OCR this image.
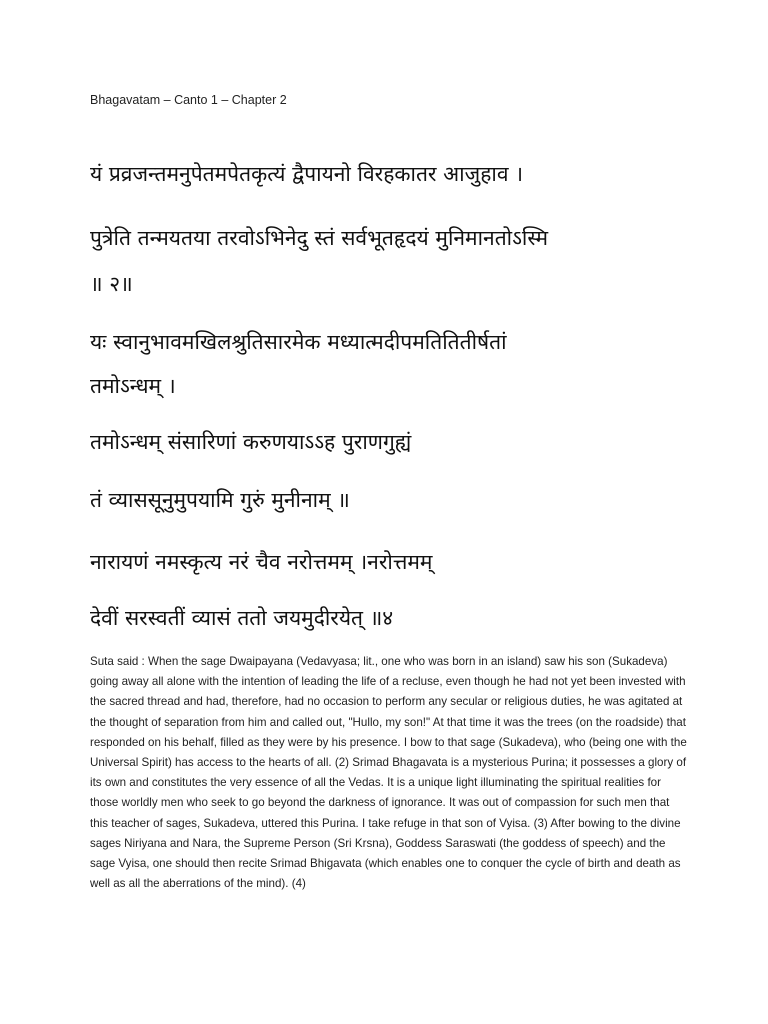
Bhagavatam – Canto 1 – Chapter 2

यं प्रव्रजन्तमनुपेतमपेतकृत्यं द्वैपायनो विरहकातर आजुहाव ।

पुत्रेति तन्मयतया तरवोऽभिनेदु स्तं सर्वभूतहृदयं मुनिमानतोऽस्मि

॥ २॥

यः स्वानुभावमखिलश्रुतिसारमेक मध्यात्मदीपमतितितीर्षतां

तमोऽन्धम् ।

तमोऽन्धम् संसारिणां करुणयाऽऽह पुराणगुह्यं

तं व्याससूनुमुपयामि गुरुं मुनीनाम् ॥

नारायणं नमस्कृत्य नरं चैव नरोत्तमम् ।नरोत्तमम्

देवीं सरस्वतीं व्यासं ततो जयमुदीरयेत् ॥४

Suta said : When the sage Dwaipayana (Vedavyasa; lit., one who was born in an island) saw his son (Sukadeva) going away all alone with the intention of leading the life of a recluse, even though he had not yet been invested with the sacred thread and had, therefore, had no occasion to perform any secular or religious duties, he was agitated at the thought of separation from him and called out, "Hullo, my son!" At that time it was the trees (on the roadside) that responded on his behalf, filled as they were by his presence. I bow to that sage (Sukadeva), who (being one with the Universal Spirit) has access to the hearts of all. (2) Srimad Bhagavata is a mysterious Purina; it possesses a glory of its own and constitutes the very essence of all the Vedas. It is a unique light illuminating the spiritual realities for those worldly men who seek to go beyond the darkness of ignorance. It was out of compassion for such men that this teacher of sages, Sukadeva, uttered this Purina. I take refuge in that son of Vyisa. (3) After bowing to the divine sages Niriyana and Nara, the Supreme Person (Sri Krsna), Goddess Saraswati (the goddess of speech) and the sage Vyisa, one should then recite Srimad Bhigavata (which enables one to conquer the cycle of birth and death as well as all the aberrations of the mind). (4)
